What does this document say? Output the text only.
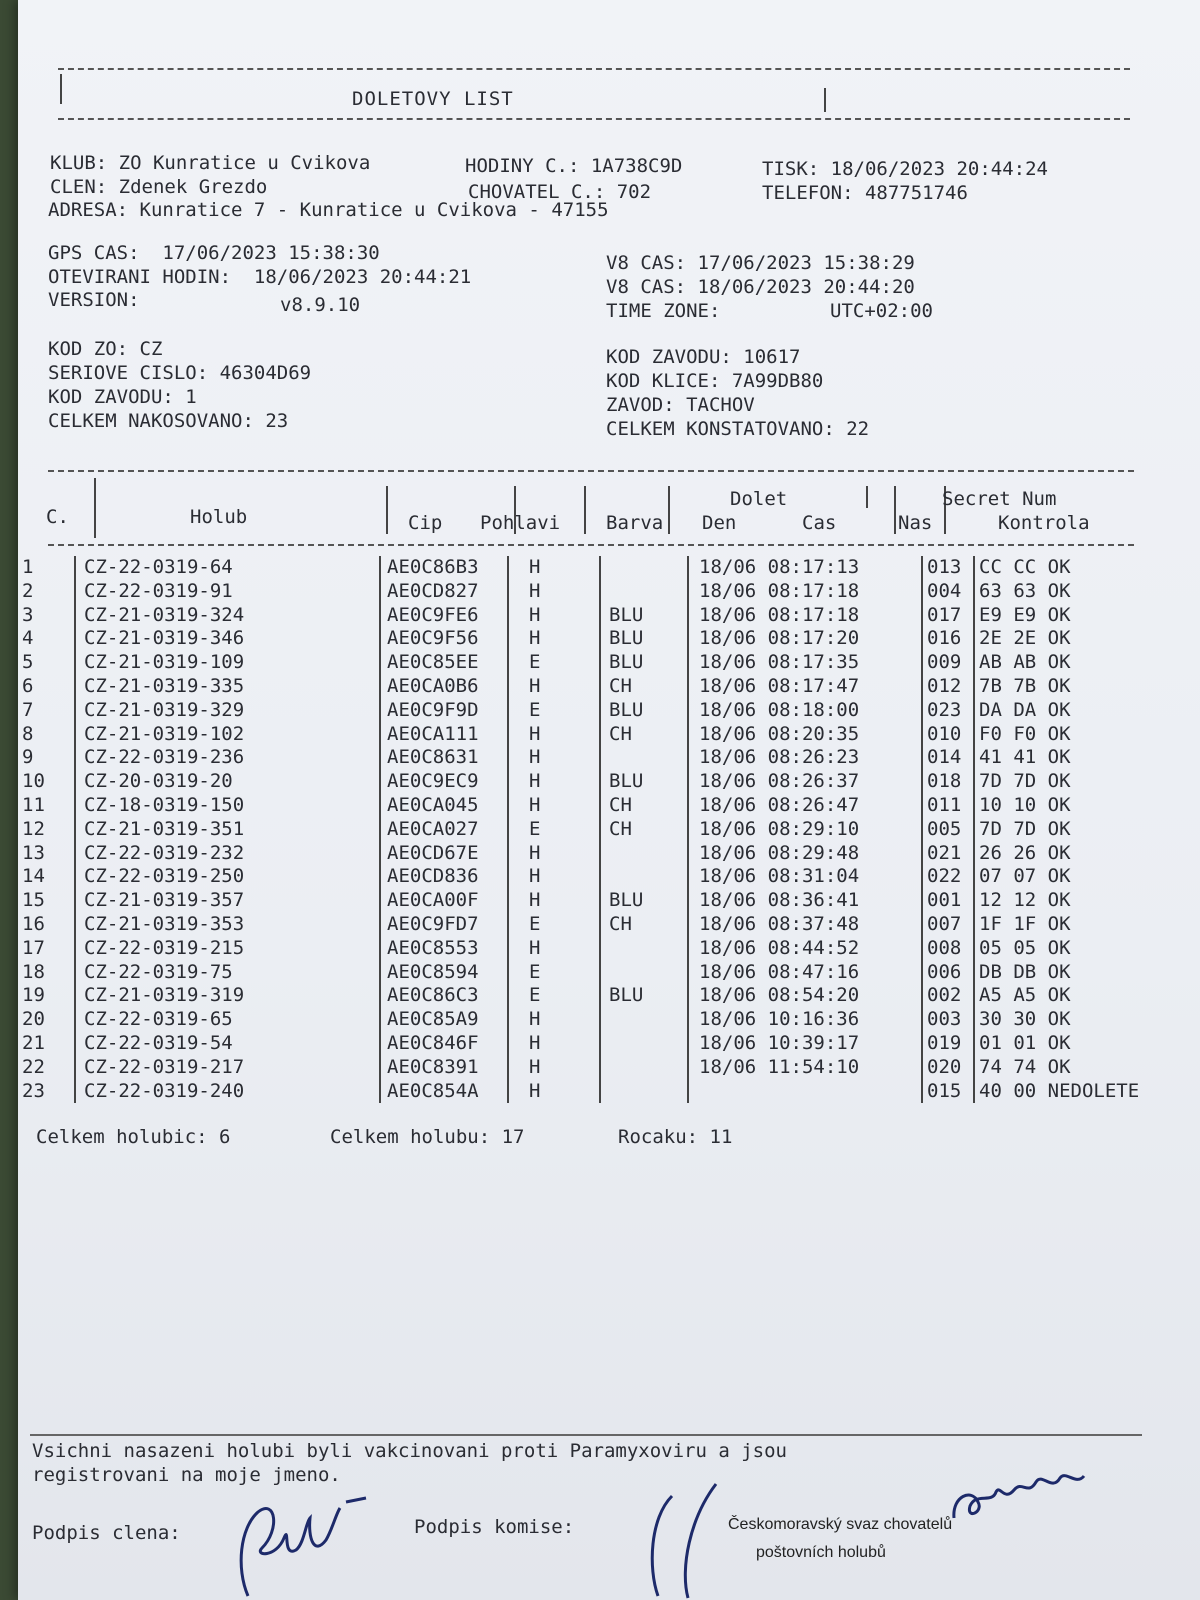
DOLETOVY LIST
KLUB: ZO Kunratice u Cvikova	HODINY C.: 1A738C9D	TISK: 18/06/2023 20:44:24
CLEN: Zdenek Grezdo	CHOVATEL C.: 702	TELEFON: 487751746
ADRESA: Kunratice 7 - Kunratice u Cvikova - 47155
GPS CAS:  17/06/2023 15:38:30
OTEVIRANI HODIN:  18/06/2023 20:44:21
VERSION:	v8.9.10
V8 CAS: 17/06/2023 15:38:29
V8 CAS: 18/06/2023 20:44:20
TIME ZONE:	UTC+02:00
KOD ZO: CZ
SERIOVE CISLO: 46304D69
KOD ZAVODU: 1
CELKEM NAKOSOVANO: 23
KOD ZAVODU: 10617
KOD KLICE: 7A99DB80
ZAVOD: TACHOV
CELKEM KONSTATOVANO: 22
C.	Holub	Cip Pohlavi Barva
Dolet
Den	Cas	Nas
Secret Num
Kontrola
1	CZ-22-0319-64	AE0C86B3	H		18/06 08:17:13	013	CC CC OK
2	CZ-22-0319-91	AE0CD827	H		18/06 08:17:18	004	63 63 OK
3	CZ-21-0319-324	AE0C9FE6	H	BLU	18/06 08:17:18	017	E9 E9 OK
4	CZ-21-0319-346	AE0C9F56	H	BLU	18/06 08:17:20	016	2E 2E OK
5	CZ-21-0319-109	AE0C85EE	E	BLU	18/06 08:17:35	009	AB AB OK
6	CZ-21-0319-335	AE0CA0B6	H	CH	18/06 08:17:47	012	7B 7B OK
7	CZ-21-0319-329	AE0C9F9D	E	BLU	18/06 08:18:00	023	DA DA OK
8	CZ-21-0319-102	AE0CA111	H	CH	18/06 08:20:35	010	F0 F0 OK
9	CZ-22-0319-236	AE0C8631	H		18/06 08:26:23	014	41 41 OK
10	CZ-20-0319-20	AE0C9EC9	H	BLU	18/06 08:26:37	018	7D 7D OK
11	CZ-18-0319-150	AE0CA045	H	CH	18/06 08:26:47	011	10 10 OK
12	CZ-21-0319-351	AE0CA027	E	CH	18/06 08:29:10	005	7D 7D OK
13	CZ-22-0319-232	AE0CD67E	H		18/06 08:29:48	021	26 26 OK
14	CZ-22-0319-250	AE0CD836	H		18/06 08:31:04	022	07 07 OK
15	CZ-21-0319-357	AE0CA00F	H	BLU	18/06 08:36:41	001	12 12 OK
16	CZ-21-0319-353	AE0C9FD7	E	CH	18/06 08:37:48	007	1F 1F OK
17	CZ-22-0319-215	AE0C8553	H		18/06 08:44:52	008	05 05 OK
18	CZ-22-0319-75	AE0C8594	E		18/06 08:47:16	006	DB DB OK
19	CZ-21-0319-319	AE0C86C3	E	BLU	18/06 08:54:20	002	A5 A5 OK
20	CZ-22-0319-65	AE0C85A9	H		18/06 10:16:36	003	30 30 OK
21	CZ-22-0319-54	AE0C846F	H		18/06 10:39:17	019	01 01 OK
22	CZ-22-0319-217	AE0C8391	H		18/06 11:54:10	020	74 74 OK
23	CZ-22-0319-240	AE0C854A	H			015	40 00 NEDOLETE
Celkem holubic: 6	Celkem holubu: 17	Rocaku: 11
Vsichni nasazeni holubi byli vakcinovani proti Paramyxoviru a jsou
registrovani na moje jmeno.
Podpis clena:	Podpis komise:	Českomoravský svaz chovatelů
poštovních holubů
